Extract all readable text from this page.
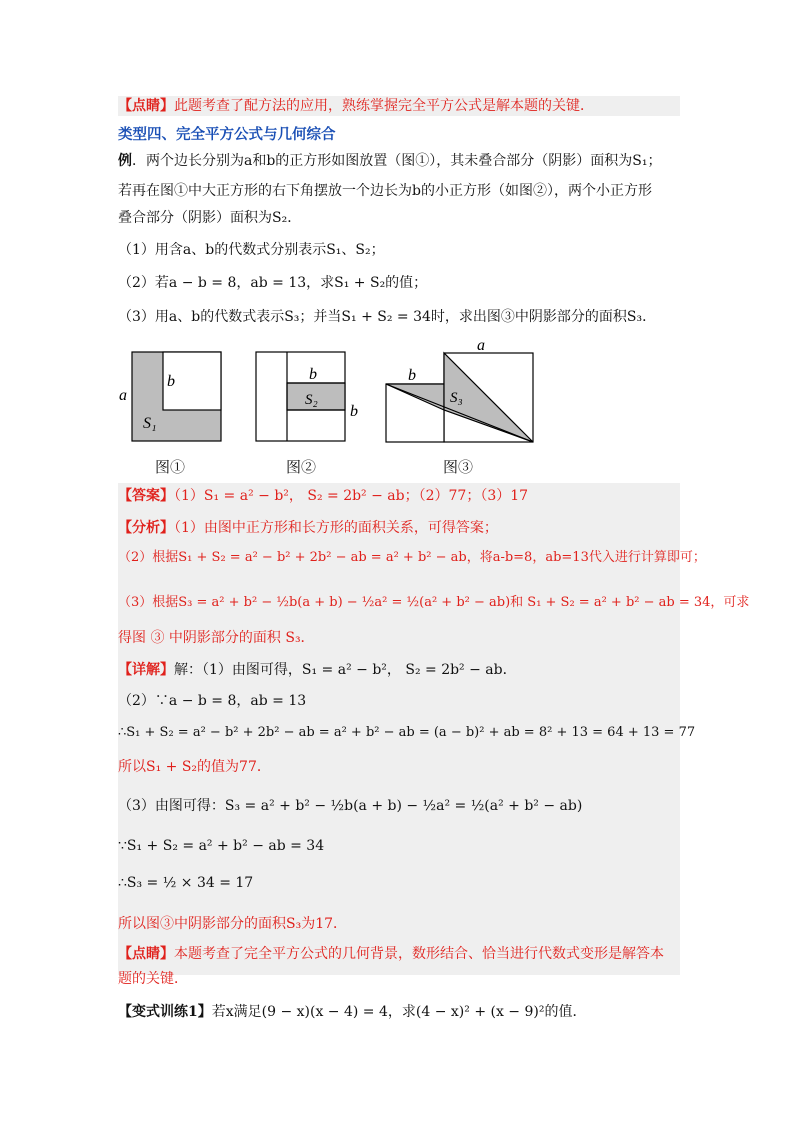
【点睛】此题考查了配方法的应用，熟练掌握完全平方公式是解本题的关键．
类型四、完全平方公式与几何综合
例．两个边长分别为a和b的正方形如图放置（图①），其未叠合部分（阴影）面积为S₁；
若再在图①中大正方形的右下角摆放一个边长为b的小正方形（如图②），两个小正方形
叠合部分（阴影）面积为S₂．
（1）用含a、b的代数式分别表示S₁、S₂；
（2）若a − b = 8，ab = 13，求S₁ + S₂的值；
（3）用a、b的代数式表示S₃；并当S₁ + S₂ = 34时，求出图③中阴影部分的面积S₃．
a
b
S₁
图①
b
S₂
b
图②
a
b
S₃
图③
【答案】（1）S₁ = a² − b²， S₂ = 2b² − ab；（2）77；（3）17
【分析】（1）由图中正方形和长方形的面积关系，可得答案；
（2）根据S₁ + S₂ = a² − b² + 2b² − ab = a² + b² − ab，将a-b=8，ab=13代入进行计算即可；
（3）根据S₃ = a² + b² − ½b(a + b) − ½a² = ½(a² + b² − ab)和 S₁ + S₂ = a² + b² − ab = 34，可求
得图 ③ 中阴影部分的面积 S₃．
【详解】解：（1）由图可得，S₁ = a² − b²， S₂ = 2b² − ab．
（2）∵a − b = 8，ab = 13
∴S₁ + S₂ = a² − b² + 2b² − ab = a² + b² − ab = (a − b)² + ab = 8² + 13 = 64 + 13 = 77
所以S₁ + S₂的值为77．
（3）由图可得：S₃ = a² + b² − ½b(a + b) − ½a² = ½(a² + b² − ab)
∵S₁ + S₂ = a² + b² − ab = 34
∴S₃ = ½ × 34 = 17
所以图③中阴影部分的面积S₃为17．
【点睛】本题考查了完全平方公式的几何背景，数形结合、恰当进行代数式变形是解答本
题的关键．
【变式训练1】若x满足(9 − x)(x − 4) = 4，求(4 − x)² + (x − 9)²的值．
